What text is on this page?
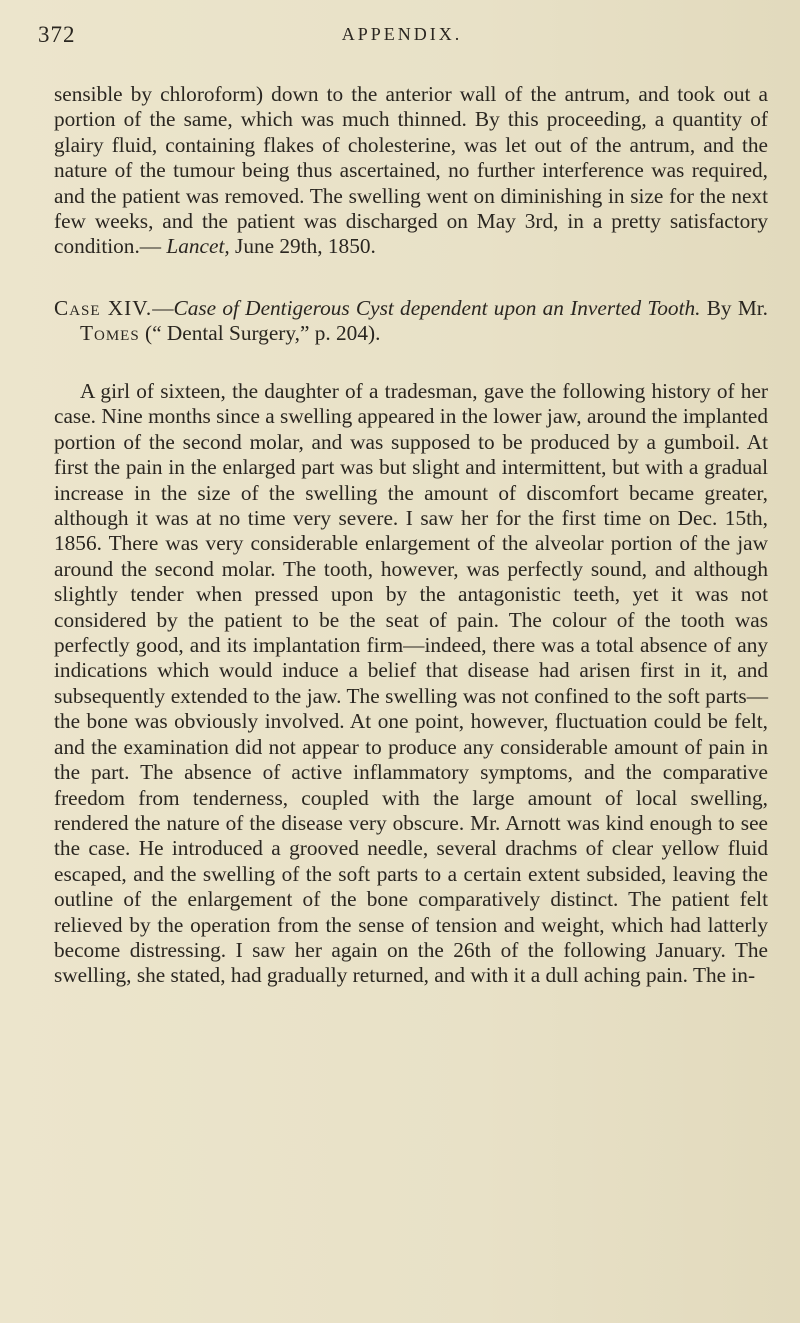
372	APPENDIX.

sensible by chloroform) down to the anterior wall of the antrum, and took out a portion of the same, which was much thinned. By this proceeding, a quantity of glairy fluid, containing flakes of cholesterine, was let out of the antrum, and the nature of the tumour being thus ascertained, no further interference was required, and the patient was removed. The swelling went on diminishing in size for the next few weeks, and the patient was discharged on May 3rd, in a pretty satisfactory condition.— Lancet, June 29th, 1850.

Case XIV.—Case of Dentigerous Cyst dependent upon an Inverted Tooth. By Mr. Tomes (“ Dental Surgery,” p. 204).

A girl of sixteen, the daughter of a tradesman, gave the following history of her case. Nine months since a swelling appeared in the lower jaw, around the implanted portion of the second molar, and was supposed to be produced by a gumboil. At first the pain in the enlarged part was but slight and intermittent, but with a gradual increase in the size of the swelling the amount of discomfort became greater, although it was at no time very severe. I saw her for the first time on Dec. 15th, 1856. There was very considerable enlargement of the alveolar portion of the jaw around the second molar. The tooth, however, was perfectly sound, and although slightly tender when pressed upon by the antagonistic teeth, yet it was not considered by the patient to be the seat of pain. The colour of the tooth was perfectly good, and its implantation firm—indeed, there was a total absence of any indications which would induce a belief that disease had arisen first in it, and subsequently extended to the jaw. The swelling was not confined to the soft parts—the bone was obviously involved. At one point, however, fluctuation could be felt, and the examination did not appear to produce any considerable amount of pain in the part. The absence of active inflammatory symptoms, and the comparative freedom from tenderness, coupled with the large amount of local swelling, rendered the nature of the disease very obscure. Mr. Arnott was kind enough to see the case. He introduced a grooved needle, several drachms of clear yellow fluid escaped, and the swelling of the soft parts to a certain extent subsided, leaving the outline of the enlargement of the bone comparatively distinct. The patient felt relieved by the operation from the sense of tension and weight, which had latterly become distressing. I saw her again on the 26th of the following January. The swelling, she stated, had gradually returned, and with it a dull aching pain. The in-
